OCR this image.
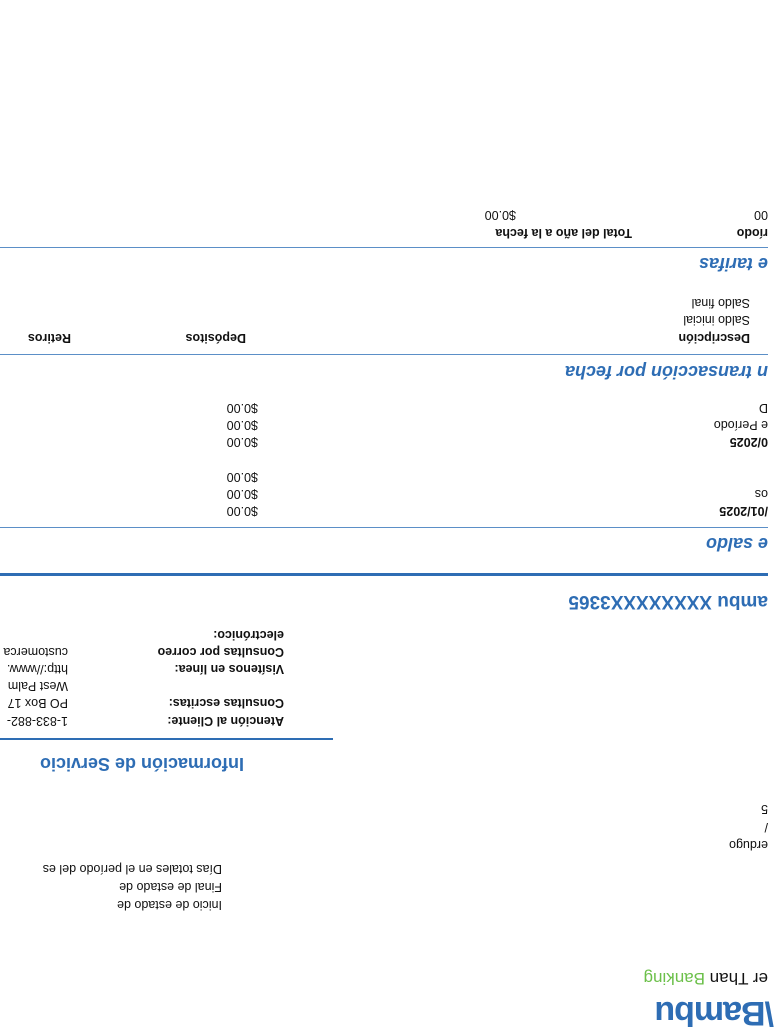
\Bambu
er Than Banking
erdugo
/
5
Inicio de estado de
Final de estado de
Días totales en el período del es
Información de Servicio
Atención al Cliente:
1-833-882-
Consultas escritas:
PO Box 17
West Palm
Visítenos en línea:
http://www.
Consultas por correo
customerca
electrónico:
ambu XXXXXXXX3365
e saldo
/01/2025
$0.00
os
$0.00
$0.00
0/2025
$0.00
e Período
$0.00
D
$0.00
n transacción por fecha
Descripción
Depósitos
Retiros
Saldo inicial
Saldo final
e tarifas
ríodo
Total del año a la fecha
00
$0.00
